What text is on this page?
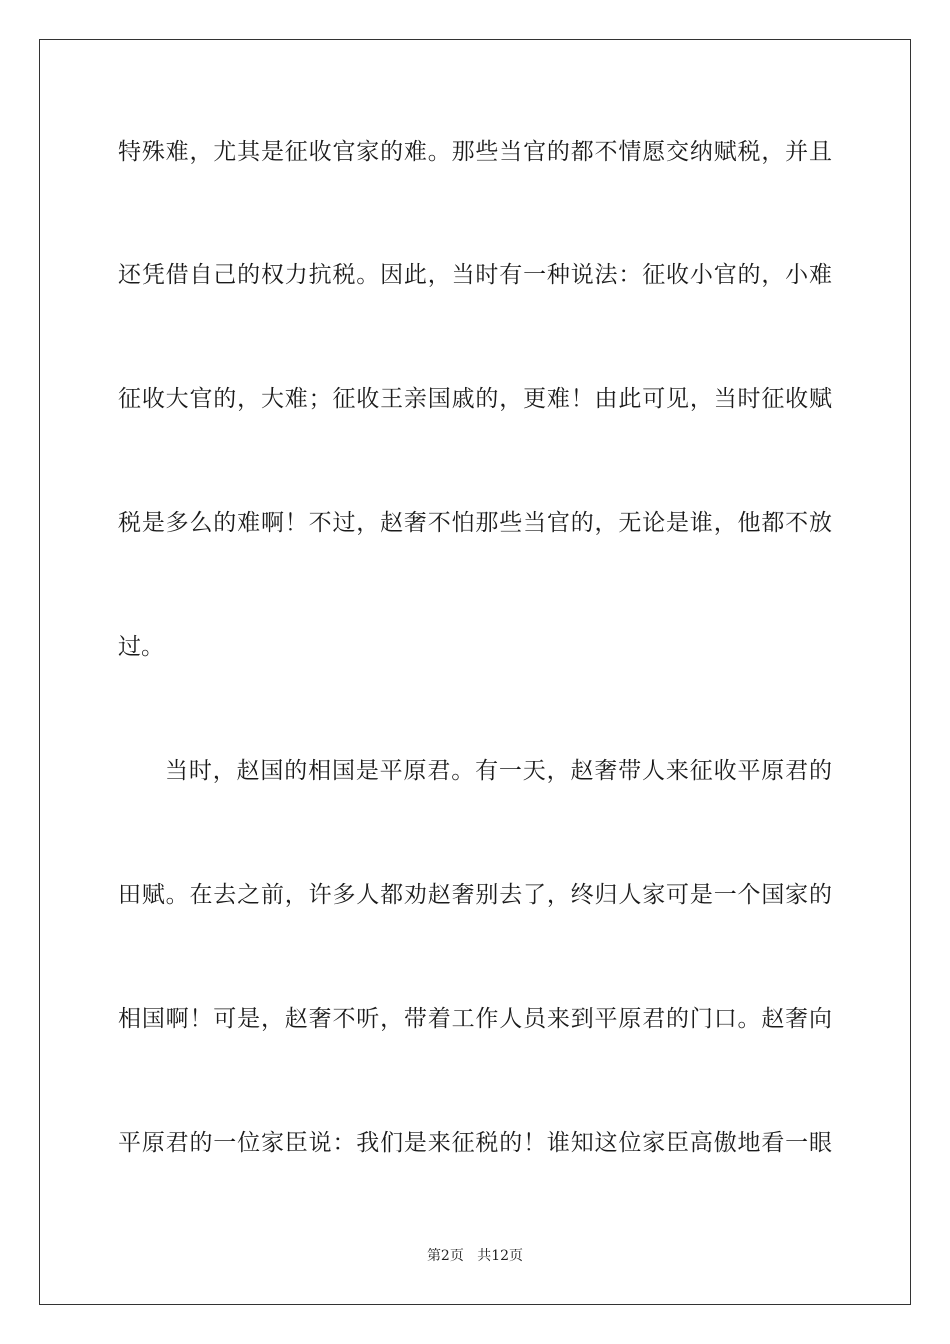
特殊难，尤其是征收官家的难。那些当官的都不情愿交纳赋税，并且
还凭借自己的权力抗税。因此，当时有一种说法：征收小官的，小难
征收大官的，大难；征收王亲国戚的，更难！由此可见，当时征收赋
税是多么的难啊！不过，赵奢不怕那些当官的，无论是谁，他都不放
过。
当时，赵国的相国是平原君。有一天，赵奢带人来征收平原君的
田赋。在去之前，许多人都劝赵奢别去了，终归人家可是一个国家的
相国啊！可是，赵奢不听，带着工作人员来到平原君的门口。赵奢向
平原君的一位家臣说：我们是来征税的！谁知这位家臣高傲地看一眼
第2页 共12页
